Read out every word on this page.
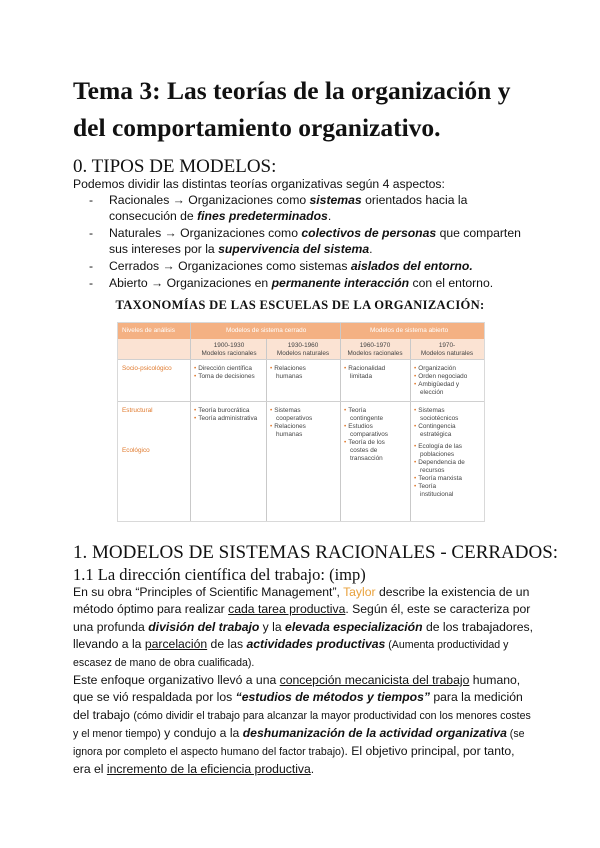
Tema 3: Las teorías de la organización y del comportamiento organizativo.
0. TIPOS DE MODELOS:

Podemos dividir las distintas teorías organizativas según 4 aspectos:

- Racionales → Organizaciones como sistemas orientados hacia la consecución de fines predeterminados.
- Naturales → Organizaciones como colectivos de personas que comparten sus intereses por la supervivencia del sistema.
- Cerrados → Organizaciones como sistemas aislados del entorno.
- Abierto → Organizaciones en permanente interacción con el entorno.
TAXONOMÍAS DE LAS ESCUELAS DE LA ORGANIZACIÓN:
Niveles de análisis	Modelos de sistema cerrado	Modelos de sistema abierto
1900-1930
Modelos racionales
1930-1960
Modelos naturales
1960-1970
Modelos racionales
1970-
Modelos naturales
Socio-psicológico
Estructural
Ecológico
• Dirección científica
• Toma de decisiones
• Teoría burocrática
• Teoría administrativa
• Relaciones
humanas
• Sistemas
cooperativos
• Relaciones
humanas
• Racionalidad
limitada
• Teoría
contingente
• Estudios
comparativos
• Teoría de los
costes de
transacción
• Organización
• Orden negociado
• Ambigüedad y
elección
• Sistemas
sociotécnicos
• Contingencia
estratégica
• Ecología de las
poblaciones
• Dependencia de
recursos
• Teoría marxista
• Teoría
institucional
1. MODELOS DE SISTEMAS RACIONALES - CERRADOS:
1.1 La dirección científica del trabajo: (imp)

En su obra “Principles of Scientific Management”, Taylor describe la existencia de un método óptimo para realizar cada tarea productiva. Según él, este se caracteriza por una profunda división del trabajo y la elevada especialización de los trabajadores, llevando a la parcelación de las actividades productivas (Aumenta productividad y escasez de mano de obra cualificada).

Este enfoque organizativo llevó a una concepción mecanicista del trabajo humano, que se vió respaldada por los “estudios de métodos y tiempos” para la medición del trabajo (cómo dividir el trabajo para alcanzar la mayor productividad con los menores costes y el menor tiempo) y condujo a la deshumanización de la actividad organizativa (se ignora por completo el aspecto humano del factor trabajo). El objetivo principal, por tanto, era el incremento de la eficiencia productiva.
